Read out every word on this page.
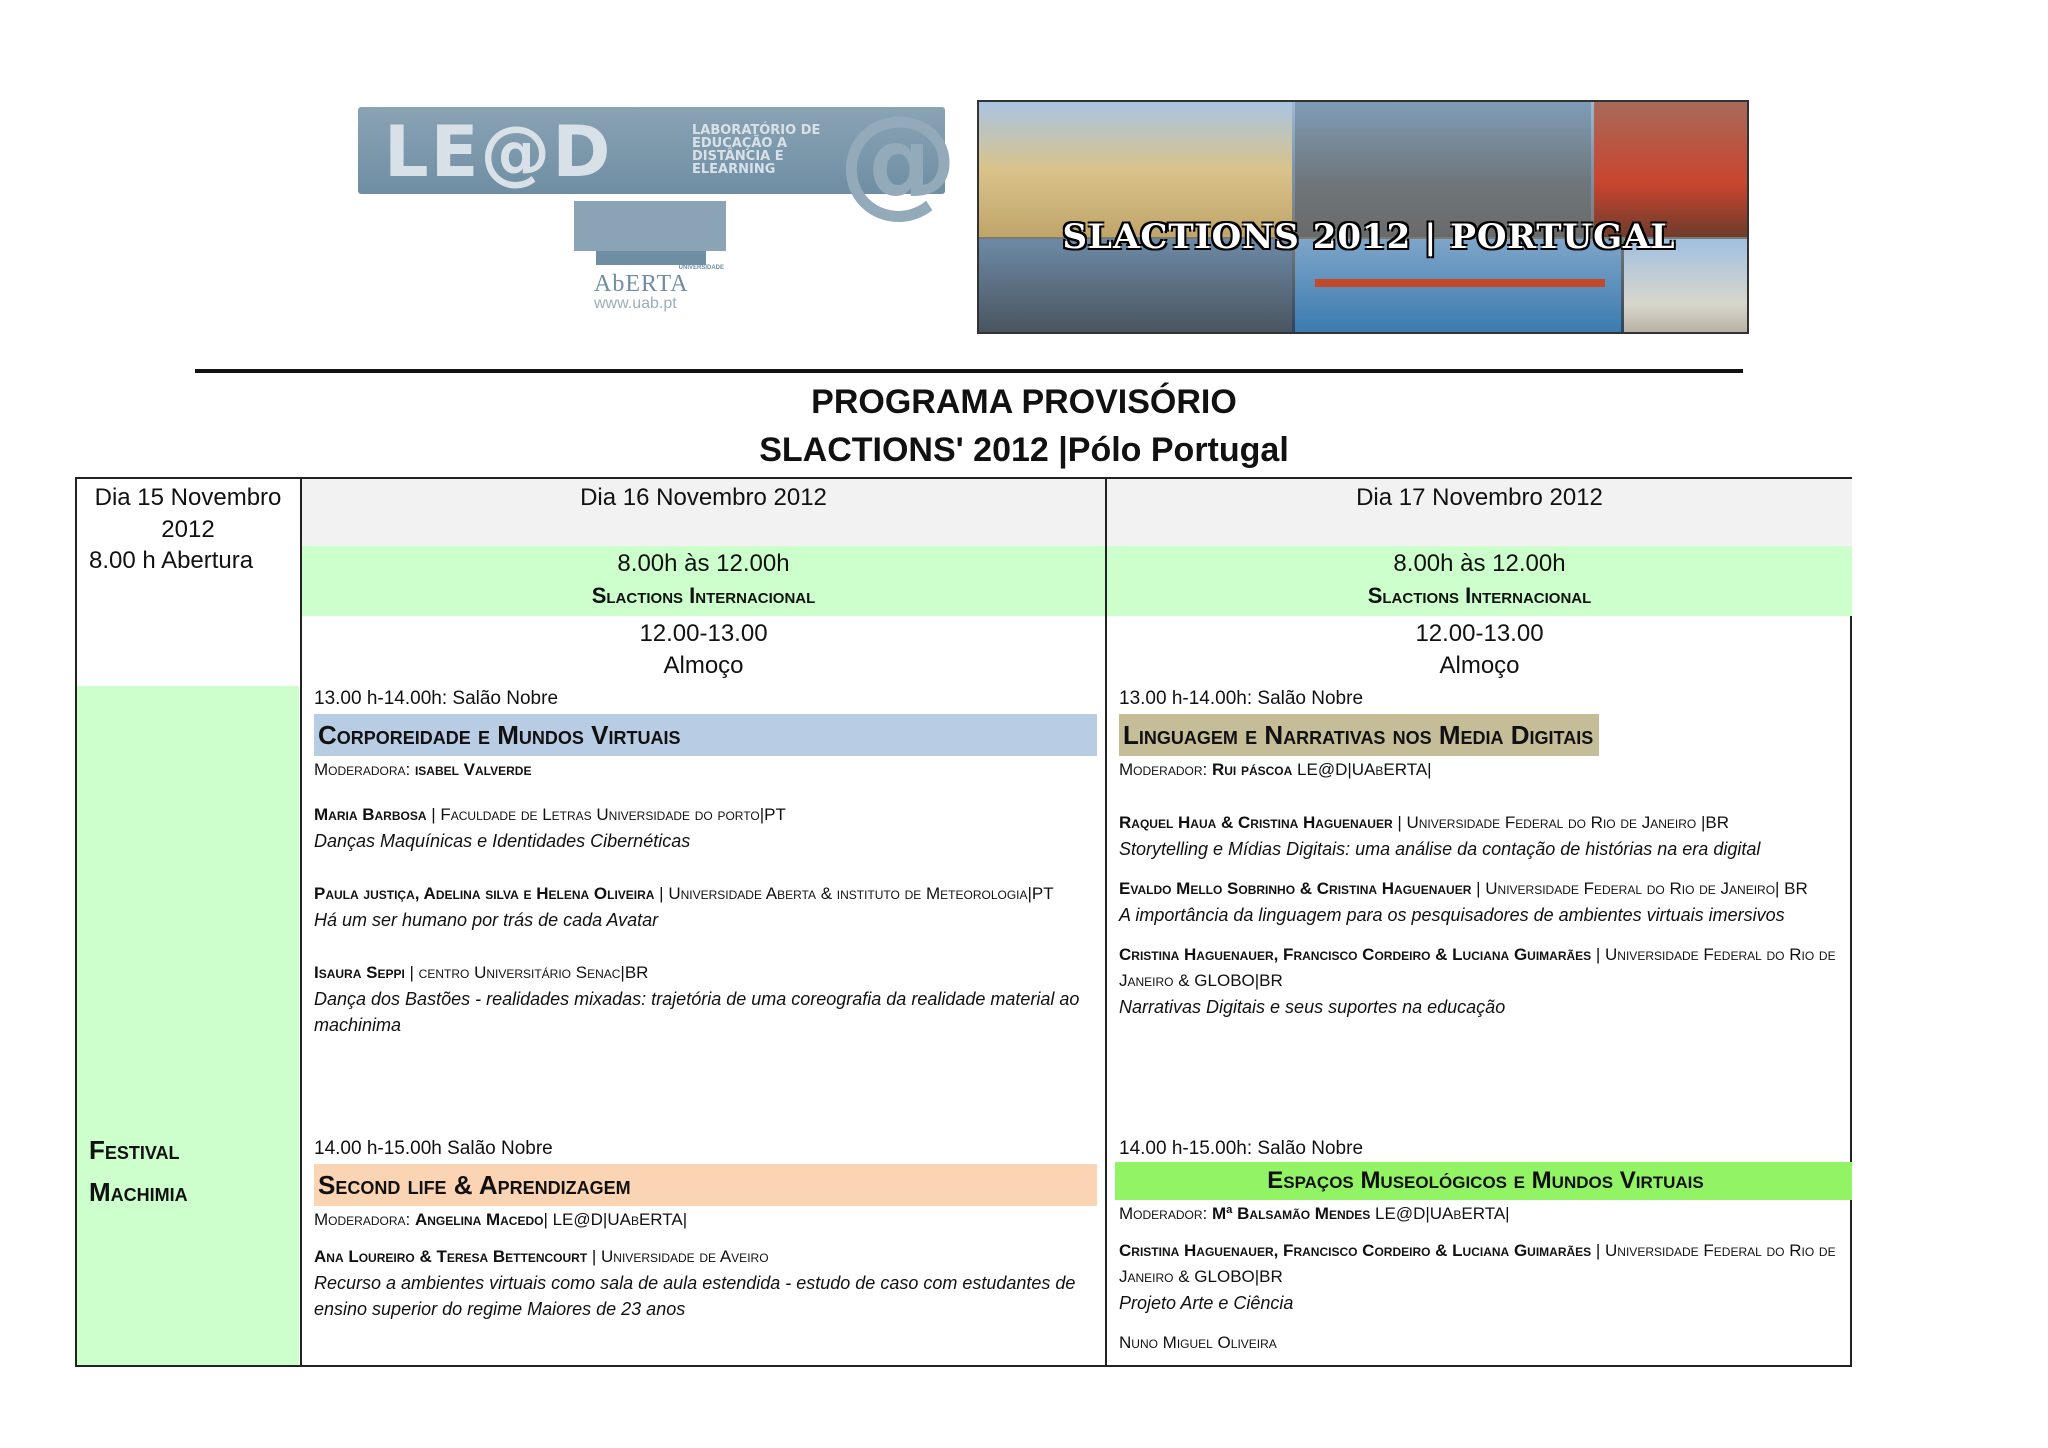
LE@D	LABORATÓRIO DE EDUCAÇÃO A DISTÂNCIA E ELEARNING @
UNIVERSIDADE
AbERTA
www.uab.pt
SLACTIONS 2012 | PORTUGAL
PROGRAMA PROVISÓRIO
SLACTIONS' 2012 |Pólo Portugal
Dia 15 Novembro 2012
8.00 h Abertura
Festival
Machimia
Dia 16 Novembro 2012
8.00h às 12.00h
Slactions Internacional
12.00-13.00
Almoço
13.00 h-14.00h: Salão Nobre
Corporeidade e Mundos Virtuais
Moderadora: isabel Valverde
Maria Barbosa | Faculdade de Letras Universidade do porto|PT
Danças Maquínicas e Identidades Cibernéticas
Paula justiça, Adelina silva e Helena Oliveira | Universidade Aberta & instituto de Meteorologia|PT
Há um ser humano por trás de cada Avatar
Isaura Seppi | centro Universitário Senac|BR
Dança dos Bastões - realidades mixadas: trajetória de uma coreografia da realidade material ao machinima
14.00 h-15.00h Salão Nobre
Second life & Aprendizagem
Moderadora: Angelina Macedo| LE@D|UAbERTA|
Ana Loureiro & Teresa Bettencourt | Universidade de Aveiro
Recurso a ambientes virtuais como sala de aula estendida - estudo de caso com estudantes de ensino superior do regime Maiores de 23 anos
Dia 17 Novembro 2012
8.00h às 12.00h
Slactions Internacional
12.00-13.00
Almoço
13.00 h-14.00h: Salão Nobre
Linguagem e Narrativas nos Media Digitais
Moderador: Rui páscoa LE@D|UAbERTA|
Raquel Haua & Cristina Haguenauer | Universidade Federal do Rio de Janeiro |BR
Storytelling e Mídias Digitais: uma análise da contação de histórias na era digital
Evaldo Mello Sobrinho & Cristina Haguenauer | Universidade Federal do Rio de Janeiro| BR
A importância da linguagem para os pesquisadores de ambientes virtuais imersivos
Cristina Haguenauer, Francisco Cordeiro & Luciana Guimarães | Universidade Federal do Rio de Janeiro & GLOBO|BR
Narrativas Digitais e seus suportes na educação
14.00 h-15.00h: Salão Nobre
Espaços Museológicos e Mundos Virtuais
Moderador: Mª Balsamão Mendes LE@D|UAbERTA|
Cristina Haguenauer, Francisco Cordeiro & Luciana Guimarães | Universidade Federal do Rio de Janeiro & GLOBO|BR
Projeto Arte e Ciência
Nuno Miguel Oliveira
